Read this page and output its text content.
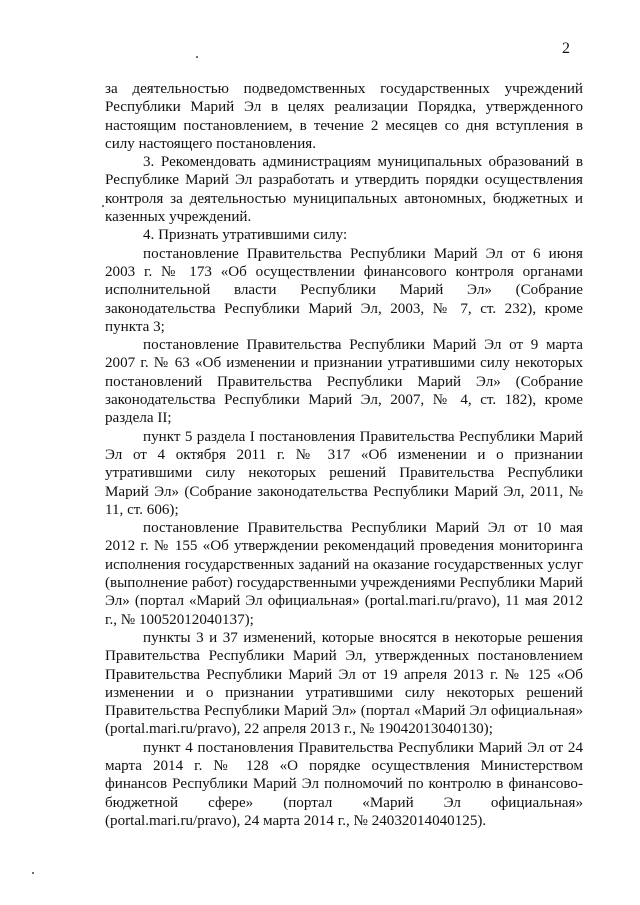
2

за деятельностью подведомственных государственных учреждений Республики Марий Эл в целях реализации Порядка, утвержденного настоящим постановлением, в течение 2 месяцев со дня вступления в силу настоящего постановления.

3. Рекомендовать администрациям муниципальных образований в Республике Марий Эл разработать и утвердить порядки осуществления контроля за деятельностью муниципальных автономных, бюджетных и казенных учреждений.

4. Признать утратившими силу:

постановление Правительства Республики Марий Эл от 6 июня 2003 г. № 173 «Об осуществлении финансового контроля органами исполнительной власти Республики Марий Эл» (Собрание законодательства Республики Марий Эл, 2003, № 7, ст. 232), кроме пункта 3;

постановление Правительства Республики Марий Эл от 9 марта 2007 г. № 63 «Об изменении и признании утратившими силу некоторых постановлений Правительства Республики Марий Эл» (Собрание законодательства Республики Марий Эл, 2007, № 4, ст. 182), кроме раздела II;

пункт 5 раздела I постановления Правительства Республики Марий Эл от 4 октября 2011 г. № 317 «Об изменении и о признании утратившими силу некоторых решений Правительства Республики Марий Эл» (Собрание законодательства Республики Марий Эл, 2011, № 11, ст. 606);

постановление Правительства Республики Марий Эл от 10 мая 2012 г. № 155 «Об утверждении рекомендаций проведения мониторинга исполнения государственных заданий на оказание государственных услуг (выполнение работ) государственными учреждениями Республики Марий Эл» (портал «Марий Эл официальная» (portal.mari.ru/pravo), 11 мая 2012 г., № 10052012040137);

пункты 3 и 37 изменений, которые вносятся в некоторые решения Правительства Республики Марий Эл, утвержденных постановлением Правительства Республики Марий Эл от 19 апреля 2013 г. № 125 «Об изменении и о признании утратившими силу некоторых решений Правительства Республики Марий Эл» (портал «Марий Эл официальная» (portal.mari.ru/pravo), 22 апреля 2013 г., № 19042013040130);

пункт 4 постановления Правительства Республики Марий Эл от 24 марта 2014 г. № 128 «О порядке осуществления Министерством финансов Республики Марий Эл полномочий по контролю в финансово-бюджетной сфере» (портал «Марий Эл официальная» (portal.mari.ru/pravo), 24 марта 2014 г., № 24032014040125).
